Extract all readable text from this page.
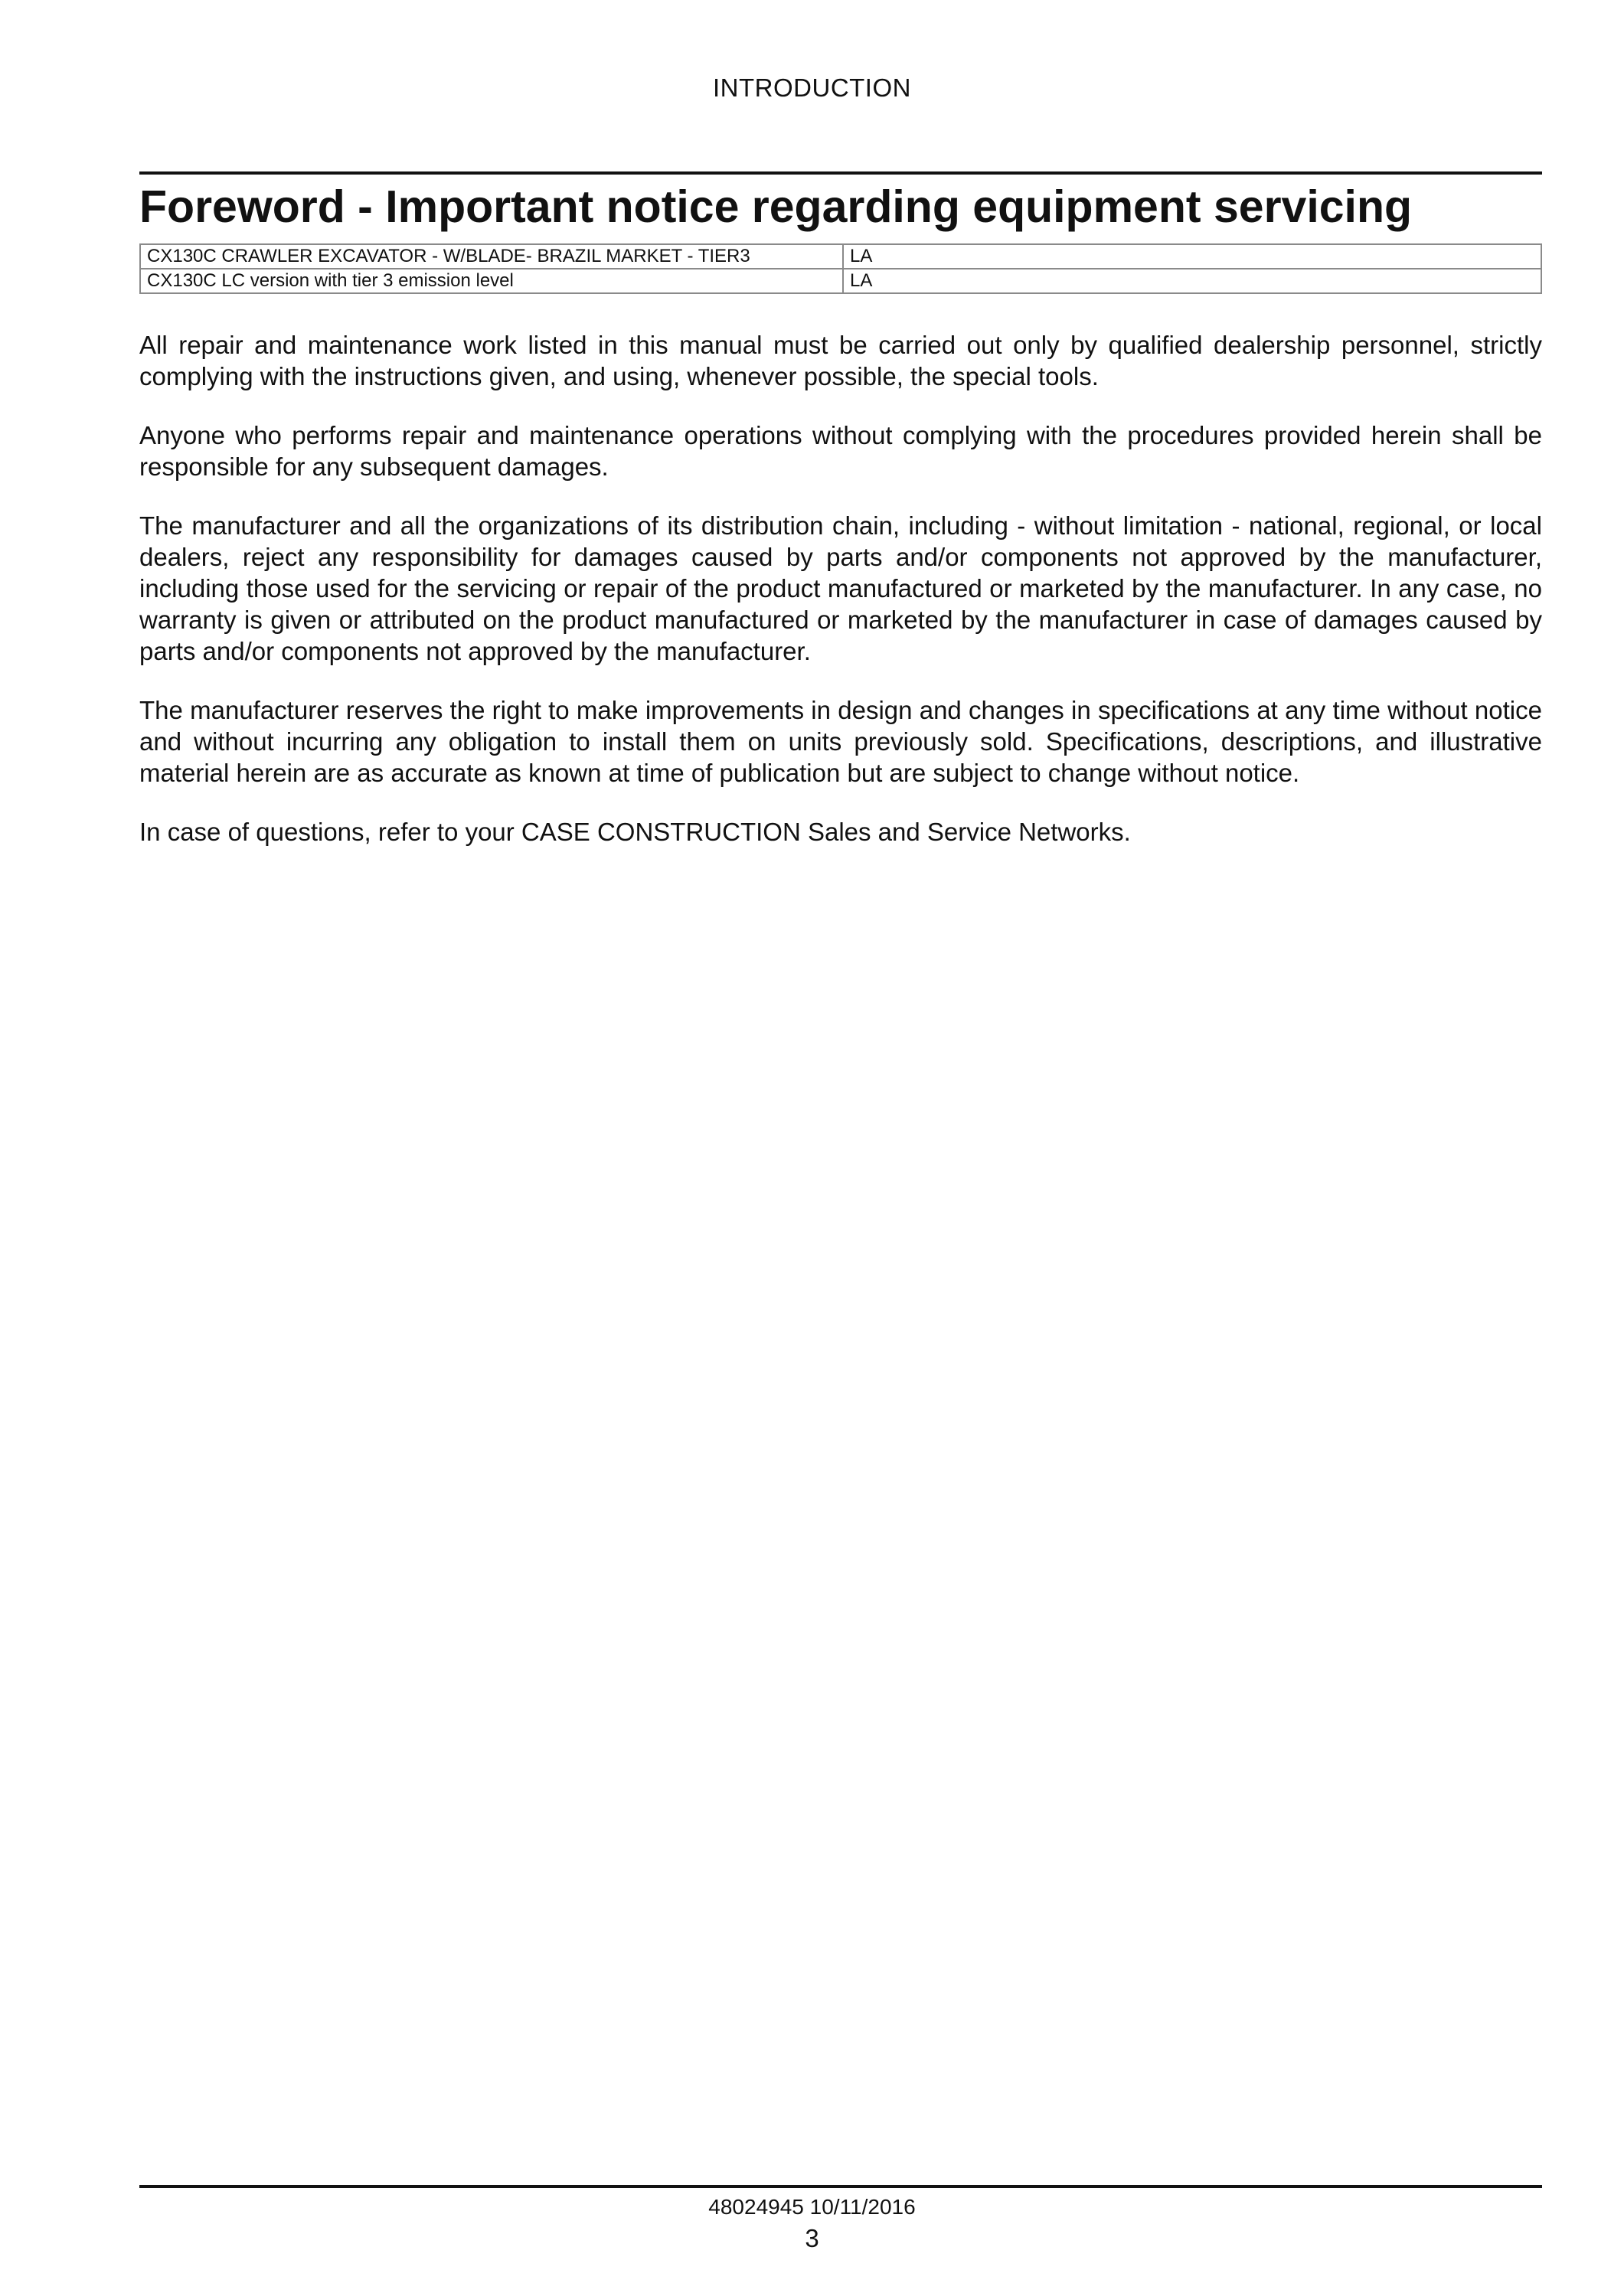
INTRODUCTION
Foreword - Important notice regarding equipment servicing
CX130C CRAWLER EXCAVATOR - W/BLADE- BRAZIL MARKET - TIER3	LA
CX130C LC version with tier 3 emission level	LA

All repair and maintenance work listed in this manual must be carried out only by qualified dealership personnel, strictly complying with the instructions given, and using, whenever possible, the special tools.

Anyone who performs repair and maintenance operations without complying with the procedures provided herein shall be responsible for any subsequent damages.

The manufacturer and all the organizations of its distribution chain, including - without limitation - national, regional, or local dealers, reject any responsibility for damages caused by parts and/or components not approved by the manufacturer, including those used for the servicing or repair of the product manufactured or marketed by the manufacturer. In any case, no warranty is given or attributed on the product manufactured or marketed by the manufacturer in case of damages caused by parts and/or components not approved by the manufacturer.

The manufacturer reserves the right to make improvements in design and changes in specifications at any time without notice and without incurring any obligation to install them on units previously sold. Specifications, descriptions, and illustrative material herein are as accurate as known at time of publication but are subject to change without notice.

In case of questions, refer to your CASE CONSTRUCTION Sales and Service Networks.

48024945 10/11/2016
3
